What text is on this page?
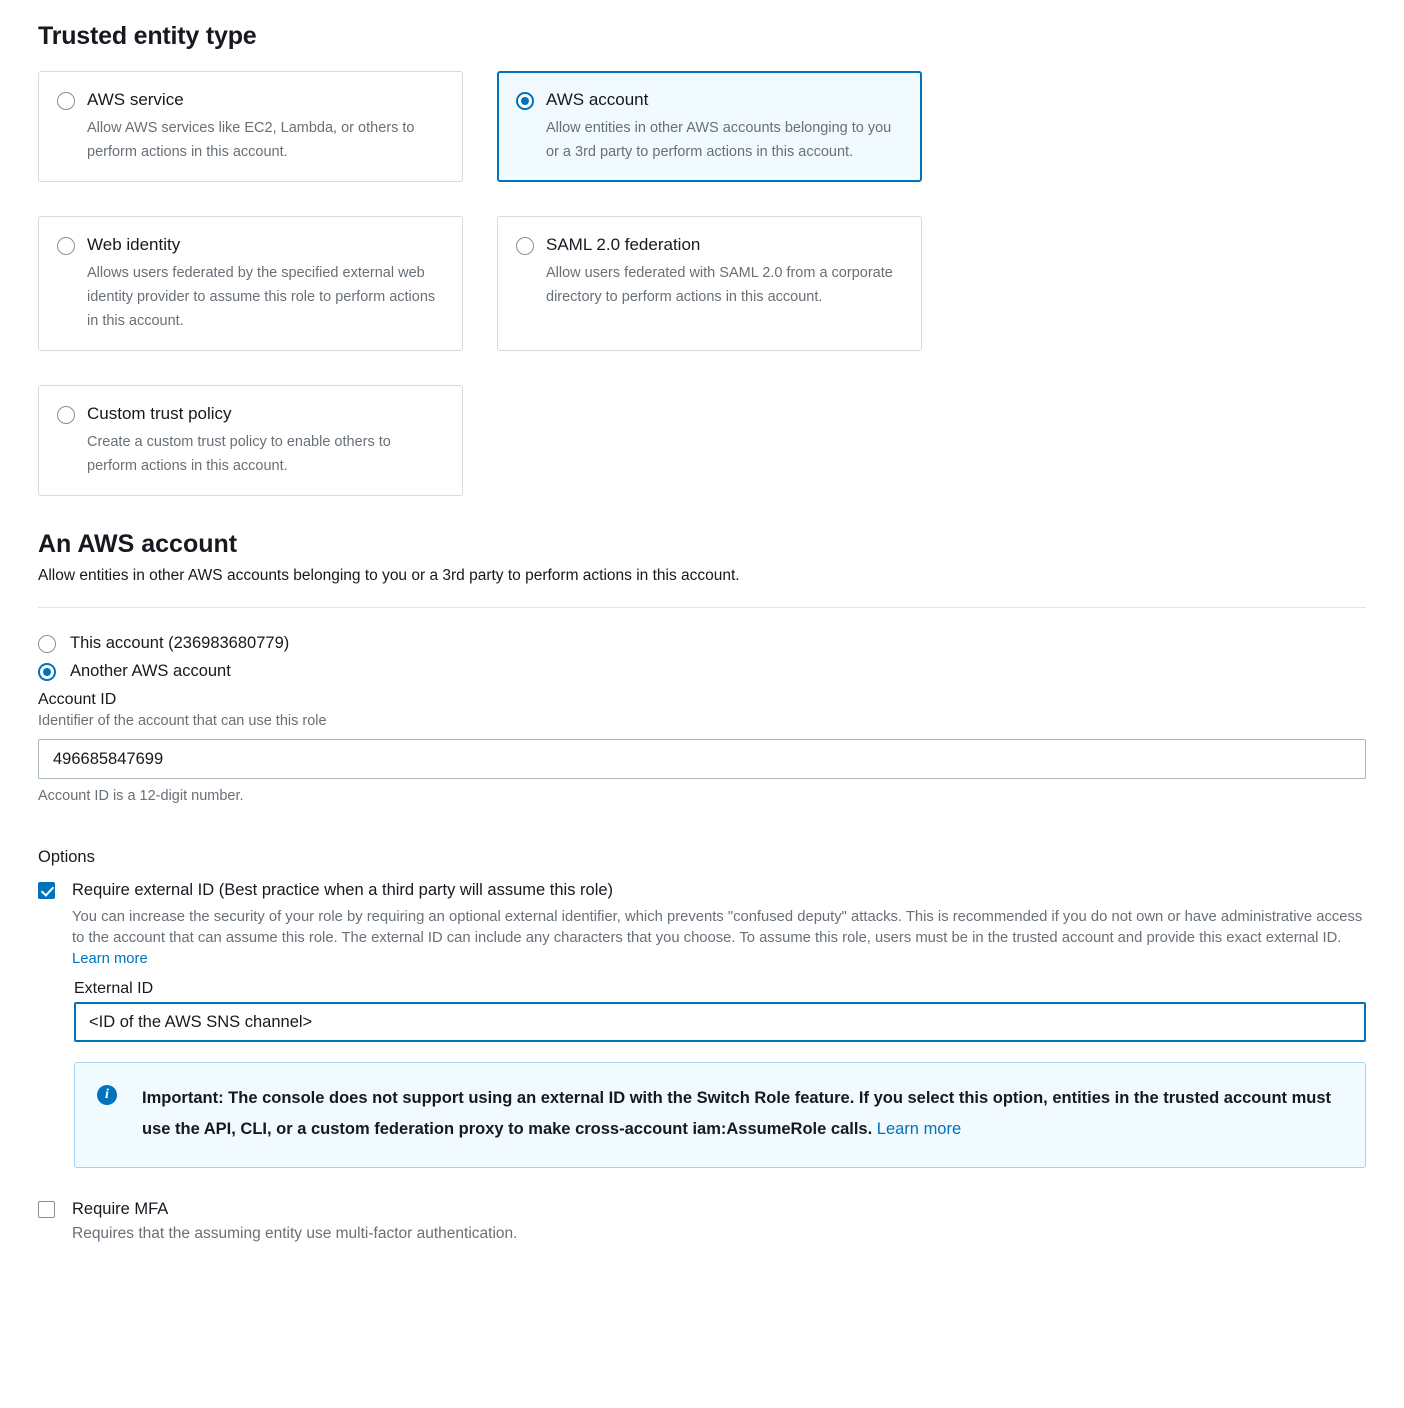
Trusted entity type
AWS service
Allow AWS services like EC2, Lambda, or others to perform actions in this account.
AWS account
Allow entities in other AWS accounts belonging to you or a 3rd party to perform actions in this account.
Web identity
Allows users federated by the specified external web identity provider to assume this role to perform actions in this account.
SAML 2.0 federation
Allow users federated with SAML 2.0 from a corporate directory to perform actions in this account.
Custom trust policy
Create a custom trust policy to enable others to perform actions in this account.
An AWS account
Allow entities in other AWS accounts belonging to you or a 3rd party to perform actions in this account.
This account (236983680779)
Another AWS account
Account ID
Identifier of the account that can use this role
496685847699
Account ID is a 12-digit number.
Options
Require external ID (Best practice when a third party will assume this role)
You can increase the security of your role by requiring an optional external identifier, which prevents "confused deputy" attacks. This is recommended if you do not own or have administrative access to the account that can assume this role. The external ID can include any characters that you choose. To assume this role, users must be in the trusted account and provide this exact external ID. Learn more
External ID
<ID of the AWS SNS channel>
i	Important: The console does not support using an external ID with the Switch Role feature. If you select this option, entities in the trusted account must use the API, CLI, or a custom federation proxy to make cross-account iam:AssumeRole calls. Learn more
Require MFA
Requires that the assuming entity use multi-factor authentication.
